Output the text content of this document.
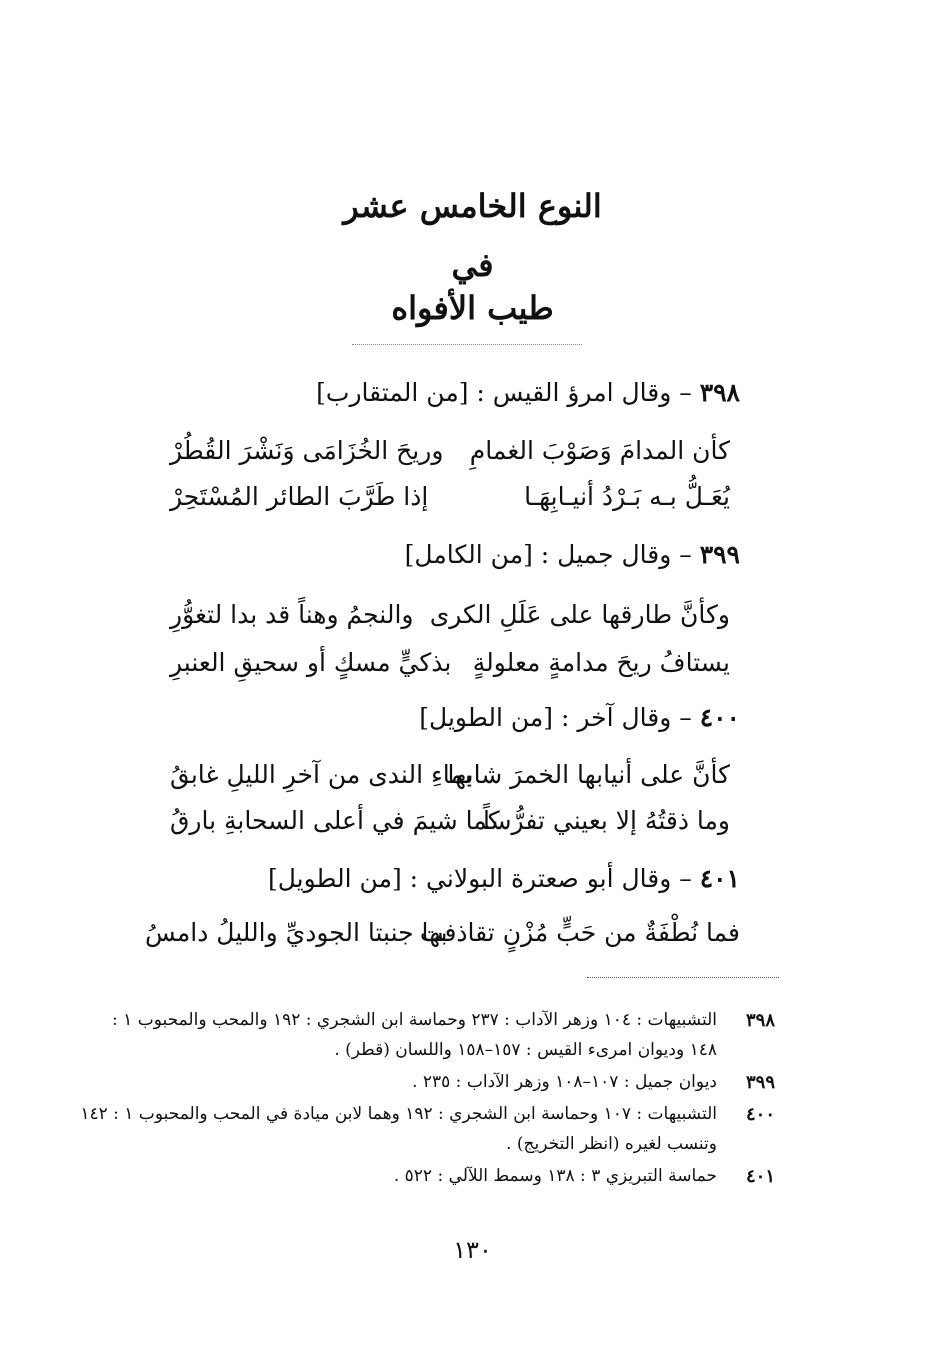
النوع الخامس عشر
في
طيب الأفواه
٣٩٨ – وقال امرؤ القيس : [من المتقارب]
كأن المدامَ وَصَوْبَ الغمامِ
وريحَ الخُزَامَى وَنَشْرَ القُطُرْ
يُعَـلُّ بـه بَـرْدُ أنيـابِهَـا
إذا طَرَّبَ الطائر المُسْتَحِرْ
٣٩٩ – وقال جميل : [من الكامل]
وكأنَّ طارقها على عَلَلِ الكرى
والنجمُ وهناً قد بدا لتغوُّرِ
يستافُ ريحَ مدامةٍ معلولةٍ
بذكيٍّ مسكٍ أو سحيقِ العنبرِ
٤٠٠ – وقال آخر : [من الطويل]
كأنَّ على أنيابها الخمرَ شابها
بماءِ الندى من آخرِ الليلِ غابقُ
وما ذقتُهُ إلا بعيني تفرُّساً
كما شيمَ في أعلى السحابةِ بارقُ
٤٠١ – وقال أبو صعترة البولاني : [من الطويل]
فما نُطْفَةٌ من حَبٍّ مُزْنٍ تقاذفت
بها جنبتا الجوديِّ والليلُ دامسُ
٣٩٨
التشبيهات : ١٠٤ وزهر الآداب : ٢٣٧ وحماسة ابن الشجري : ١٩٢ والمحب والمحبوب ١ :
١٤٨ وديوان امرىء القيس : ١٥٧–١٥٨ واللسان (قطر) .
٣٩٩
ديوان جميل : ١٠٧–١٠٨ وزهر الآداب : ٢٣٥ .
٤٠٠
التشبيهات : ١٠٧ وحماسة ابن الشجري : ١٩٢ وهما لابن ميادة في المحب والمحبوب ١ : ١٤٢
وتنسب لغيره (انظر التخريج) .
٤٠١
حماسة التبريزي ٣ : ١٣٨ وسمط اللآلي : ٥٢٢ .
١٣٠
